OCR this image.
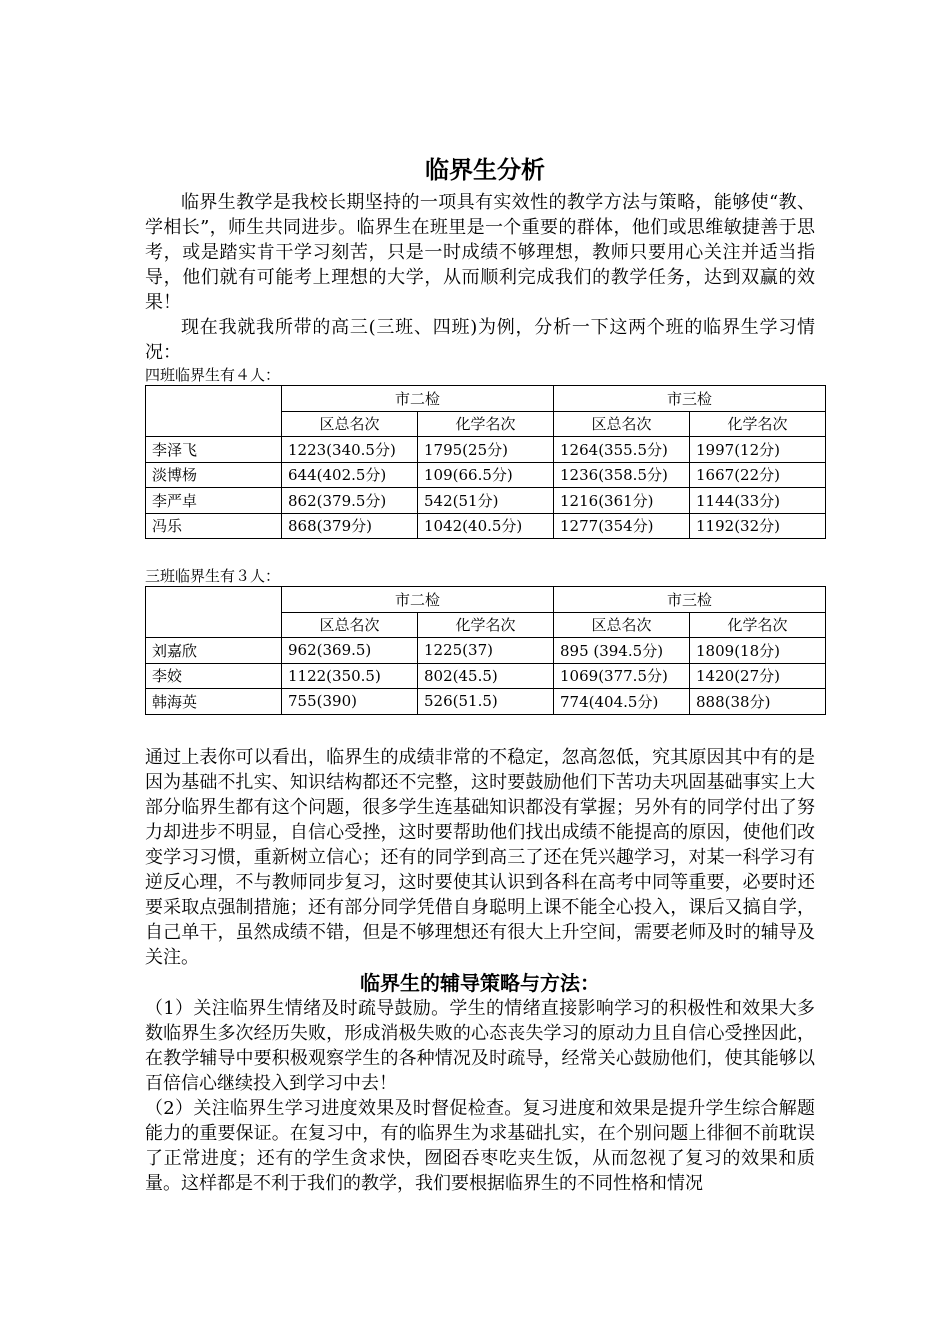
临界生分析

临界生教学是我校长期坚持的一项具有实效性的教学方法与策略，能够使“教、学相长”，师生共同进步。临界生在班里是一个重要的群体，他们或思维敏捷善于思考，或是踏实肯干学习刻苦，只是一时成绩不够理想，教师只要用心关注并适当指导，他们就有可能考上理想的大学，从而顺利完成我们的教学任务，达到双赢的效果！

现在我就我所带的高三(三班、四班)为例，分析一下这两个班的临界生学习情况：

四班临界生有４人：

	市二检		市三检	
	区总名次	化学名次	区总名次	化学名次
李泽飞	1223(340.5分)	1795(25分)	1264(355.5分)	1997(12分)
淡博杨	644(402.5分)	109(66.5分)	1236(358.5分)	1667(22分)
李严卓	862(379.5分)	542(51分)	1216(361分)	1144(33分)
冯乐	868(379分)	1042(40.5分)	1277(354分)	1192(32分)

三班临界生有３人：

	市二检		市三检	
	区总名次	化学名次	区总名次	化学名次
刘嘉欣	962(369.5)	1225(37)	895 (394.5分)	1809(18分)
李姣	1122(350.5)	802(45.5)	1069(377.5分)	1420(27分)
韩海英	755(390)	526(51.5)	774(404.5分)	888(38分)

通过上表你可以看出，临界生的成绩非常的不稳定，忽高忽低，究其原因其中有的是因为基础不扎实、知识结构都还不完整，这时要鼓励他们下苦功夫巩固基础事实上大部分临界生都有这个问题，很多学生连基础知识都没有掌握；另外有的同学付出了努力却进步不明显，自信心受挫，这时要帮助他们找出成绩不能提高的原因，使他们改变学习习惯，重新树立信心；还有的同学到高三了还在凭兴趣学习，对某一科学习有逆反心理，不与教师同步复习，这时要使其认识到各科在高考中同等重要，必要时还要采取点强制措施；还有部分同学凭借自身聪明上课不能全心投入，课后又搞自学，自己单干，虽然成绩不错，但是不够理想还有很大上升空间，需要老师及时的辅导及关注。

临界生的辅导策略与方法：

（1）关注临界生情绪及时疏导鼓励。学生的情绪直接影响学习的积极性和效果大多数临界生多次经历失败，形成消极失败的心态丧失学习的原动力且自信心受挫因此，在教学辅导中要积极观察学生的各种情况及时疏导，经常关心鼓励他们，使其能够以百倍信心继续投入到学习中去！

（2）关注临界生学习进度效果及时督促检查。复习进度和效果是提升学生综合解题能力的重要保证。在复习中，有的临界生为求基础扎实，在个别问题上徘徊不前耽误了正常进度；还有的学生贪求快，囫囵吞枣吃夹生饭，从而忽视了复习的效果和质量。这样都是不利于我们的教学，我们要根据临界生的不同性格和情况
